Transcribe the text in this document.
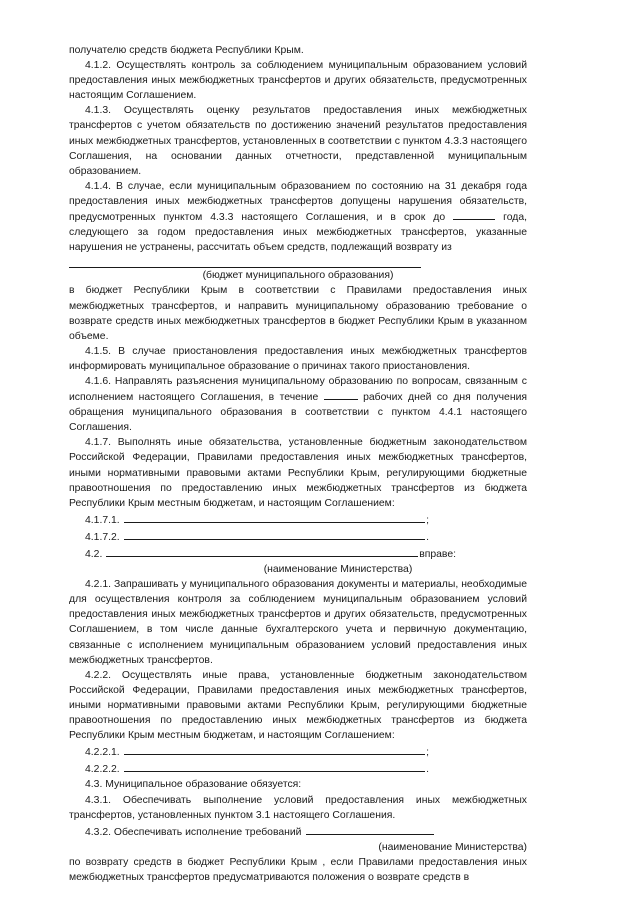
получателю средств бюджета Республики Крым.

4.1.2. Осуществлять контроль за соблюдением муниципальным образованием условий предоставления иных межбюджетных трансфертов и других обязательств, предусмотренных настоящим Соглашением.

4.1.3. Осуществлять оценку результатов предоставления иных межбюджетных трансфертов с учетом обязательств по достижению значений результатов предоставления иных межбюджетных трансфертов, установленных в соответствии с пунктом 4.3.3 настоящего Соглашения, на основании данных отчетности, представленной муниципальным образованием.

4.1.4. В случае, если муниципальным образованием по состоянию на 31 декабря года предоставления иных межбюджетных трансфертов допущены нарушения обязательств, предусмотренных пунктом 4.3.3 настоящего Соглашения, и в срок до	года, следующего за годом предоставления иных межбюджетных трансфертов, указанные нарушения не устранены, рассчитать объем средств, подлежащий возврату из

(бюджет муниципального образования)

в бюджет Республики Крым в соответствии с Правилами предоставления иных межбюджетных трансфертов, и направить муниципальному образованию требование о возврате средств иных межбюджетных трансфертов в бюджет Республики Крым в указанном объеме.

4.1.5. В случае приостановления предоставления иных межбюджетных трансфертов информировать муниципальное образование о причинах такого приостановления.

4.1.6. Направлять разъяснения муниципальному образованию по вопросам, связанным с исполнением настоящего Соглашения, в течение	рабочих дней со дня получения обращения муниципального образования в соответствии с пунктом 4.4.1 настоящего Соглашения.

4.1.7. Выполнять иные обязательства, установленные бюджетным законодательством Российской Федерации, Правилами предоставления иных межбюджетных трансфертов, иными нормативными правовыми актами Республики Крым, регулирующими бюджетные правоотношения по предоставлению иных межбюджетных трансфертов из бюджета Республики Крым местным бюджетам, и настоящим Соглашением:

4.1.7.1.	;
4.1.7.2.	.
4.2.	вправе:

(наименование Министерства)

4.2.1. Запрашивать у муниципального образования документы и материалы, необходимые для осуществления контроля за соблюдением муниципальным образованием условий предоставления иных межбюджетных трансфертов и других обязательств, предусмотренных Соглашением, в том числе данные бухгалтерского учета и первичную документацию, связанные с исполнением муниципальным образованием условий предоставления иных межбюджетных трансфертов.

4.2.2. Осуществлять иные права, установленные бюджетным законодательством Российской Федерации, Правилами предоставления иных межбюджетных трансфертов, иными нормативными правовыми актами Республики Крым, регулирующими бюджетные правоотношения по предоставлению иных межбюджетных трансфертов из бюджета Республики Крым местным бюджетам, и настоящим Соглашением:

4.2.2.1.	;
4.2.2.2.	.

4.3. Муниципальное образование обязуется:

4.3.1. Обеспечивать выполнение условий предоставления иных межбюджетных трансфертов, установленных пунктом 3.1 настоящего Соглашения.

4.3.2. Обеспечивать исполнение требований

(наименование Министерства)

по возврату средств в бюджет Республики Крым , если Правилами предоставления иных межбюджетных трансфертов предусматриваются положения о возврате средств в
